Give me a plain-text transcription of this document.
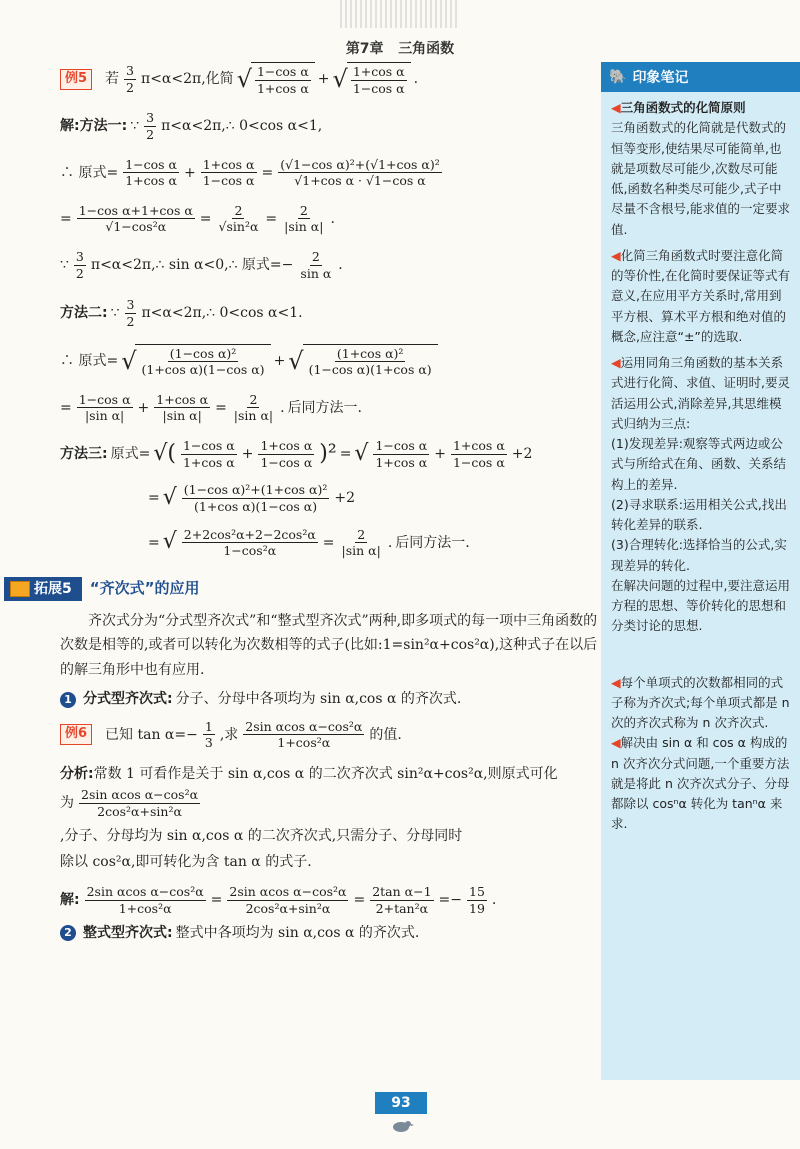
第7章 三角函数
例5	若 $\frac{3}{2} \pi<\alpha<2\pi$,化简 √ $\frac{\text{1−cos α}}{\text{1+cos α}}$ + √ $\frac{\text{1+cos α}}{\text{1−cos α}}$ .
解:方法一: ∵ $\frac{3}{2}$ π<α<2π,∴ 0<cos α<1,
∴ 原式= $\frac{\text{1−cos α}}{\text{1+cos α}} + \frac{\text{1+cos α}}{\text{1−cos α}} = \frac{\text{(√1−cos α)²+(√1+cos α)²}}{\text{√1+cos α · √1−cos α}}$
= $\frac{\text{1−cos α+1+cos α}}{\text{√1−cos²α}} = \frac{2}{\text{√sin²α}} = \frac{2}{\text{|sin α|}}$ .
∵ $\frac{3}{2}$ π<α<2π,∴ sin α<0,∴ 原式=− $\frac{2}{\text{sin α}}$ .
方法二: ∵ $\frac{3}{2}$ π<α<2π,∴ 0<cos α<1.
∴ 原式= √ $\frac{\text{(1−cos α)²}}{\text{(1+cos α)(1−cos α)}}$ + √ $\frac{\text{(1+cos α)²}}{\text{(1−cos α)(1+cos α)}}$
= $\frac{\text{1−cos α}}{\text{|sin α|}} + \frac{\text{1+cos α}}{\text{|sin α|}} = \frac{2}{\text{|sin α|}}$ . 后同方法一.
方法三: 原式= √( $\frac{\text{1−cos α}}{\text{1+cos α}} + \frac{\text{1+cos α}}{\text{1−cos α}} )^2$ = √ $\frac{\text{1−cos α}}{\text{1+cos α}} + \frac{\text{1+cos α}}{\text{1−cos α}} +2$
= √ $\frac{\text{(1−cos α)²+(1+cos α)²}}{\text{(1+cos α)(1−cos α)}} +2$
= √ $\frac{\text{2+2cos²α+2−2cos²α}}{\text{1−cos²α}} = \frac{2}{\text{|sin α|}}$ . 后同方法一.
拓展5 “齐次式”的应用

齐次式分为“分式型齐次式”和“整式型齐次式”两种,即多项式的每一项中三角函数的次数是相等的,或者可以转化为次数相等的式子(比如:1=sin²α+cos²α),这种式子在以后的解三角形中也有应用.

1 分式型齐次式: 分子、分母中各项均为 sin α,cos α 的齐次式.
例6	已知 $\tan \alpha=- \frac{1}{3}$ ,求 $\frac{\text{2sin αcos α−cos²α}}{\text{1+cos²α}}$ 的值.
分析:常数 1 可看作是关于 sin α,cos α 的二次齐次式 sin²α+cos²α,则原式可化
为 $\frac{\text{2sin αcos α−cos²α}}{\text{2cos²α+sin²α}}$
,分子、分母均为 sin α,cos α 的二次齐次式,只需分子、分母同时
除以 cos²α,即可转化为含 tan α 的式子.
解: $\frac{\text{2sin αcos α−cos²α}}{\text{1+cos²α}} = \frac{\text{2sin αcos α−cos²α}}{\text{2cos²α+sin²α}} = \frac{\text{2tan α−1}}{\text{2+tan²α}} =- \frac{15}{19}$ .
2 整式型齐次式: 整式中各项均为 sin α,cos α 的齐次式.
🐘 印象笔记

◀三角函数式的化简原则
三角函数式的化简就是代数式的恒等变形,使结果尽可能简单,也就是项数尽可能少,次数尽可能低,函数名种类尽可能少,式子中尽量不含根号,能求值的一定要求值.

◀化简三角函数式时要注意化简的等价性,在化简时要保证等式有意义,在应用平方关系时,常用到平方根、算术平方根和绝对值的概念,应注意“±”的选取.

◀运用同角三角函数的基本关系式进行化简、求值、证明时,要灵活运用公式,消除差异,其思维模式归纳为三点:

(1)发现差异:观察等式两边或公式与所给式在角、函数、关系结构上的差异.

(2)寻求联系:运用相关公式,找出转化差异的联系.

(3)合理转化:选择恰当的公式,实现差异的转化.

在解决问题的过程中,要注意运用方程的思想、等价转化的思想和分类讨论的思想.

◀每个单项式的次数都相同的式子称为齐次式;每个单项式都是 n 次的齐次式称为 n 次齐次式.

◀解决由 sin α 和 cos α 构成的 n 次齐次分式问题,一个重要方法就是将此 n 次齐次式分子、分母都除以 cosⁿα 转化为 tanⁿα 来求.

93
